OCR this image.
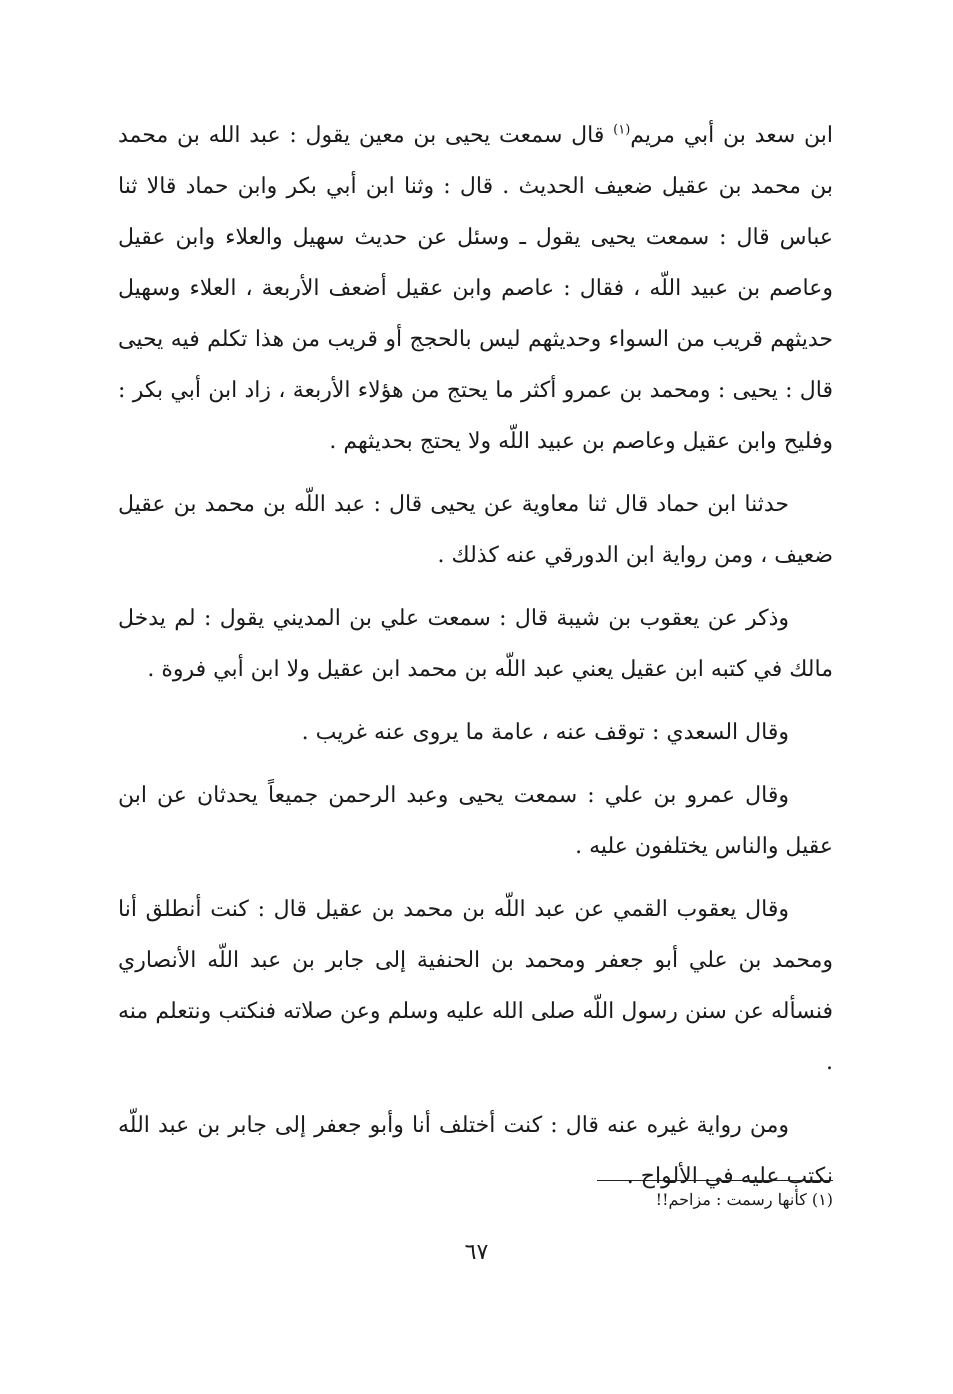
ابن سعد بن أبي مريم$^{(١)}$ قال سمعت يحيى بن معين يقول : عبد الله بن محمد بن محمد بن عقيل ضعيف الحديث . قال : وثنا ابن أبي بكر وابن حماد قالا ثنا عباس قال : سمعت يحيى يقول ـ وسئل عن حديث سهيل والعلاء وابن عقيل وعاصم بن عبيد اللّه ، فقال : عاصم وابن عقيل أضعف الأربعة ، العلاء وسهيل حديثهم قريب من السواء وحديثهم ليس بالحجج أو قريب من هذا تكلم فيه يحيى قال : يحيى : ومحمد بن عمرو أكثر ما يحتج من هؤلاء الأربعة ، زاد ابن أبي بكر : وفليح وابن عقيل وعاصم بن عبيد اللّه ولا يحتج بحديثهم .

حدثنا ابن حماد قال ثنا معاوية عن يحيى قال : عبد اللّه بن محمد بن عقيل ضعيف ، ومن رواية ابن الدورقي عنه كذلك .

وذكر عن يعقوب بن شيبة قال : سمعت علي بن المديني يقول : لم يدخل مالك في كتبه ابن عقيل يعني عبد اللّه بن محمد ابن عقيل ولا ابن أبي فروة .

وقال السعدي : توقف عنه ، عامة ما يروى عنه غريب .

وقال عمرو بن علي : سمعت يحيى وعبد الرحمن جميعاً يحدثان عن ابن عقيل والناس يختلفون عليه .

وقال يعقوب القمي عن عبد اللّه بن محمد بن عقيل قال : كنت أنطلق أنا ومحمد بن علي أبو جعفر ومحمد بن الحنفية إلى جابر بن عبد اللّه الأنصاري فنسأله عن سنن رسول اللّه صلى الله عليه وسلم وعن صلاته فنكتب ونتعلم منه .

ومن رواية غيره عنه قال : كنت أختلف أنا وأبو جعفر إلى جابر بن عبد اللّه نكتب عليه في الألواح .

(١) كأنها رسمت : مزاحم!!
٦٧
